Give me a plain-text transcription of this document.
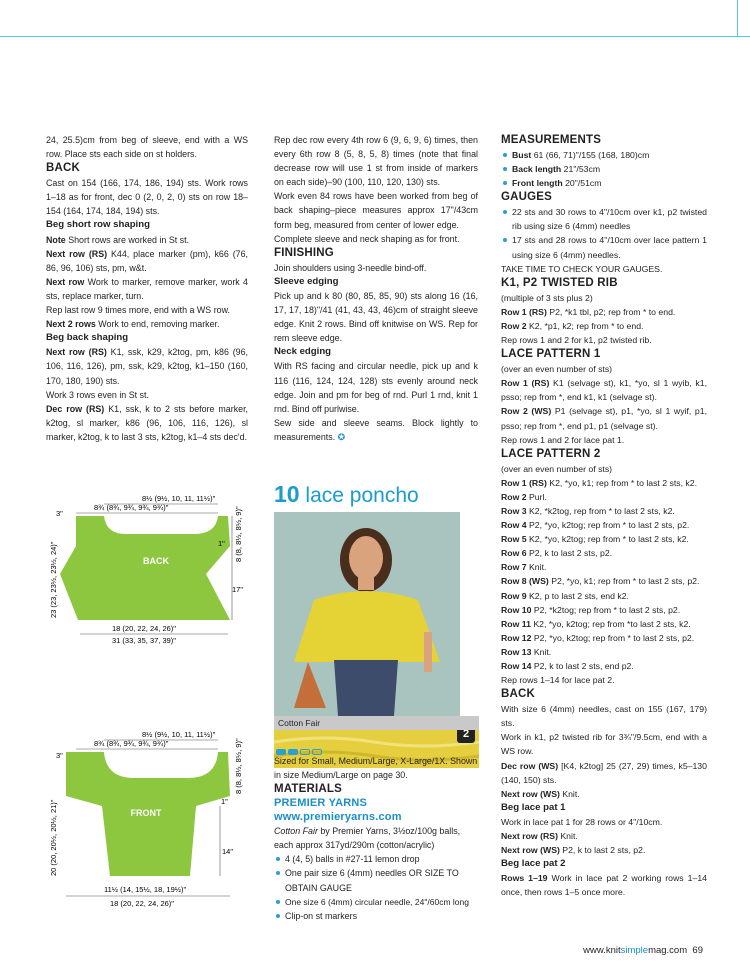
24, 25.5)cm from beg of sleeve, end with a WS row. Place sts each side on st holders.

BACK

Cast on 154 (166, 174, 186, 194) sts. Work rows 1–18 as for front, dec 0 (2, 0, 2, 0) sts on row 18–154 (164, 174, 184, 194) sts.

Beg short row shaping

Note Short rows are worked in St st.

Next row (RS) K44, place marker (pm), k66 (76, 86, 96, 106) sts, pm, w&t.

Next row Work to marker, remove marker, work 4 sts, replace marker, turn.

Rep last row 9 times more, end with a WS row.

Next 2 rows Work to end, removing marker.

Beg back shaping

Next row (RS) K1, ssk, k29, k2tog, pm, k86 (96, 106, 116, 126), pm, ssk, k29, k2tog, k1–150 (160, 170, 180, 190) sts.

Work 3 rows even in St st.

Dec row (RS) K1, ssk, k to 2 sts before marker, k2tog, sl marker, k86 (96, 106, 116, 126), sl marker, k2tog, k to last 3 sts, k2tog, k1–4 sts dec'd.

8½ (9½, 10, 11, 11½)"
8¾ (8¾, 9¾, 9¾, 9¾)"
BACK
3"
23 (23, 23½, 23½, 24)"
8 (8, 8½, 8½, 9)"
1"
17"
18 (20, 22, 24, 26)"
31 (33, 35, 37, 39)"
8½ (9½, 10, 11, 11½)"
8¾ (8¾, 9¾, 9¾, 9¾)"
FRONT
3"
20 (20, 20½, 20½, 21)"
8 (8, 8½, 8½, 9)"
1"
14"
11½ (14, 15½, 18, 19½)"
18 (20, 22, 24, 26)"

Rep dec row every 4th row 6 (9, 6, 9, 6) times, then every 6th row 8 (5, 8, 5, 8) times (note that final decrease row will use 1 st from inside of markers on each side)–90 (100, 110, 120, 130) sts.

Work even 84 rows have been worked from beg of back shaping–piece measures approx 17"/43cm form beg, measured from center of lower edge.

Complete sleeve and neck shaping as for front.

FINISHING

Join shoulders using 3-needle bind-off.

Sleeve edging

Pick up and k 80 (80, 85, 85, 90) sts along 16 (16, 17, 17, 18)"/41 (41, 43, 43, 46)cm of straight sleeve edge. Knit 2 rows. Bind off knitwise on WS. Rep for rem sleeve edge.

Neck edging

With RS facing and circular needle, pick up and k 116 (116, 124, 124, 128) sts evenly around neck edge. Join and pm for beg of rnd. Purl 1 rnd, knit 1 rnd. Bind off purlwise.

Sew side and sleeve seams. Block lightly to measurements. ✪

10 lace poncho
Cotton Fair
2

Sized for Small, Medium/Large, X-Large/1X. Shown in size Medium/Large on page 30.

MATERIALS

PREMIER YARNS

www.premieryarns.com

Cotton Fair by Premier Yarns, 3½oz/100g balls, each approx 317yd/290m (cotton/acrylic)

4 (4, 5) balls in #27-11 lemon drop

One pair size 6 (4mm) needles OR SIZE TO OBTAIN GAUGE

One size 6 (4mm) circular needle, 24"/60cm long

Clip-on st markers

MEASUREMENTS

Bust 61 (66, 71)"/155 (168, 180)cm

Back length 21"/53cm

Front length 20"/51cm

GAUGES

22 sts and 30 rows to 4"/10cm over k1, p2 twisted rib using size 6 (4mm) needles

17 sts and 28 rows to 4"/10cm over lace pattern 1 using size 6 (4mm) needles.

TAKE TIME TO CHECK YOUR GAUGES.

K1, P2 TWISTED RIB

(multiple of 3 sts plus 2)

Row 1 (RS) P2, *k1 tbl, p2; rep from * to end.

Row 2 K2, *p1, k2; rep from * to end.

Rep rows 1 and 2 for k1, p2 twisted rib.

LACE PATTERN 1

(over an even number of sts)

Row 1 (RS) K1 (selvage st), k1, *yo, sl 1 wyib, k1, psso; rep from *, end k1, k1 (selvage st).

Row 2 (WS) P1 (selvage st), p1, *yo, sl 1 wyif, p1, psso; rep from *, end p1, p1 (selvage st).

Rep rows 1 and 2 for lace pat 1.

LACE PATTERN 2

(over an even number of sts)

Row 1 (RS) K2, *yo, k1; rep from * to last 2 sts, k2.

Row 2 Purl.

Row 3 K2, *k2tog, rep from * to last 2 sts, k2.

Row 4 P2, *yo, k2tog; rep from * to last 2 sts, p2.

Row 5 K2, *yo, k2tog; rep from * to last 2 sts, k2.

Row 6 P2, k to last 2 sts, p2.

Row 7 Knit.

Row 8 (WS) P2, *yo, k1; rep from * to last 2 sts, p2.

Row 9 K2, p to last 2 sts, end k2.

Row 10 P2, *k2tog; rep from * to last 2 sts, p2.

Row 11 K2, *yo, k2tog; rep from *to last 2 sts, k2.

Row 12 P2, *yo, k2tog; rep from * to last 2 sts, p2.

Row 13 Knit.

Row 14 P2, k to last 2 sts, end p2.

Rep rows 1–14 for lace pat 2.

BACK

With size 6 (4mm) needles, cast on 155 (167, 179) sts.

Work in k1, p2 twisted rib for 3¾"/9.5cm, end with a WS row.

Dec row (WS) [K4, k2tog] 25 (27, 29) times, k5–130 (140, 150) sts.

Next row (WS) Knit.

Beg lace pat 1

Work in lace pat 1 for 28 rows or 4"/10cm.

Next row (RS) Knit.

Next row (WS) P2, k to last 2 sts, p2.

Beg lace pat 2

Rows 1–19 Work in lace pat 2 working rows 1–14 once, then rows 1–5 once more.

www.knitsimplemag.com 69
